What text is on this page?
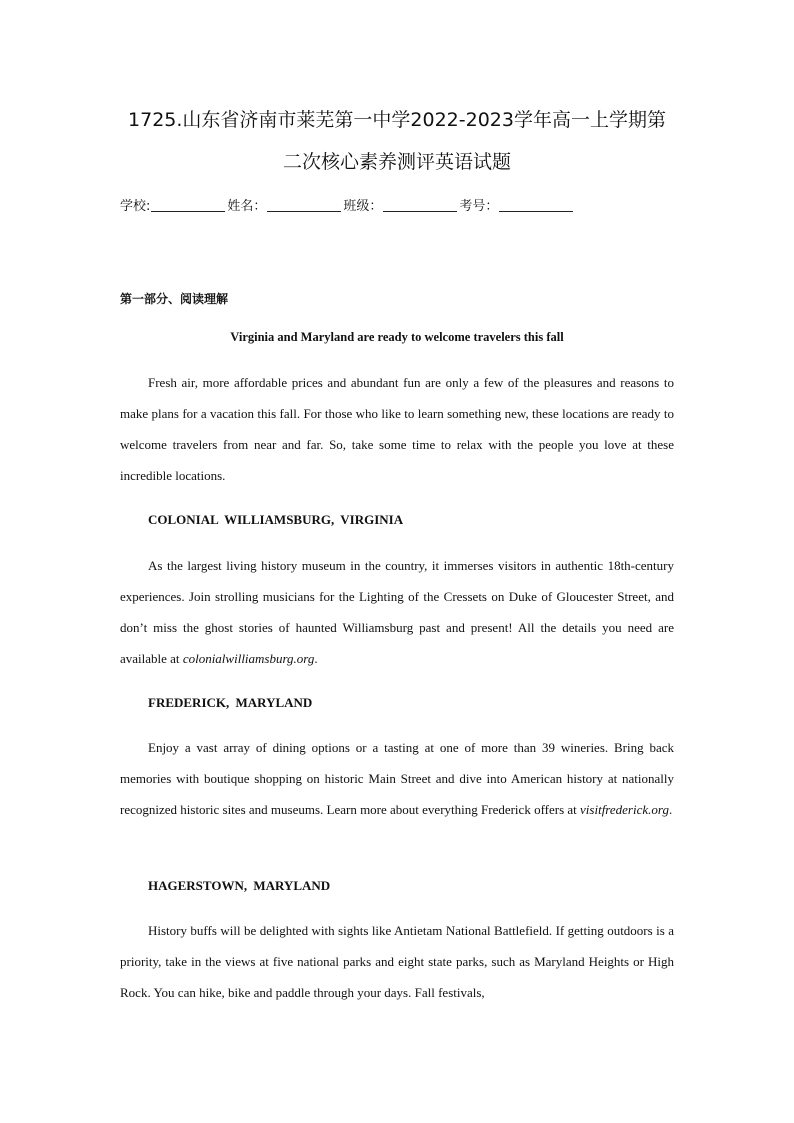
1725.山东省济南市莱芜第一中学2022-2023学年高一上学期第
二次核心素养测评英语试题
学校:	姓名：	班级：	考号：
第一部分、阅读理解
Virginia and Maryland are ready to welcome travelers this fall

Fresh air, more affordable prices and abundant fun are only a few of the pleasures and reasons to make plans for a vacation this fall. For those who like to learn something new, these locations are ready to welcome travelers from near and far. So, take some time to relax with the people you love at these incredible locations.

COLONIAL WILLIAMSBURG, VIRGINIA

As the largest living history museum in the country, it immerses visitors in authentic 18th-century experiences. Join strolling musicians for the Lighting of the Cressets on Duke of Gloucester Street, and don’t miss the ghost stories of haunted Williamsburg past and present! All the details you need are available at colonialwilliamsburg.org.

FREDERICK, MARYLAND

Enjoy a vast array of dining options or a tasting at one of more than 39 wineries. Bring back memories with boutique shopping on historic Main Street and dive into American history at nationally recognized historic sites and museums. Learn more about everything Frederick offers at visitfrederick.org.

HAGERSTOWN, MARYLAND

History buffs will be delighted with sights like Antietam National Battlefield. If getting outdoors is a priority, take in the views at five national parks and eight state parks, such as Maryland Heights or High Rock. You can hike, bike and paddle through your days. Fall festivals,
